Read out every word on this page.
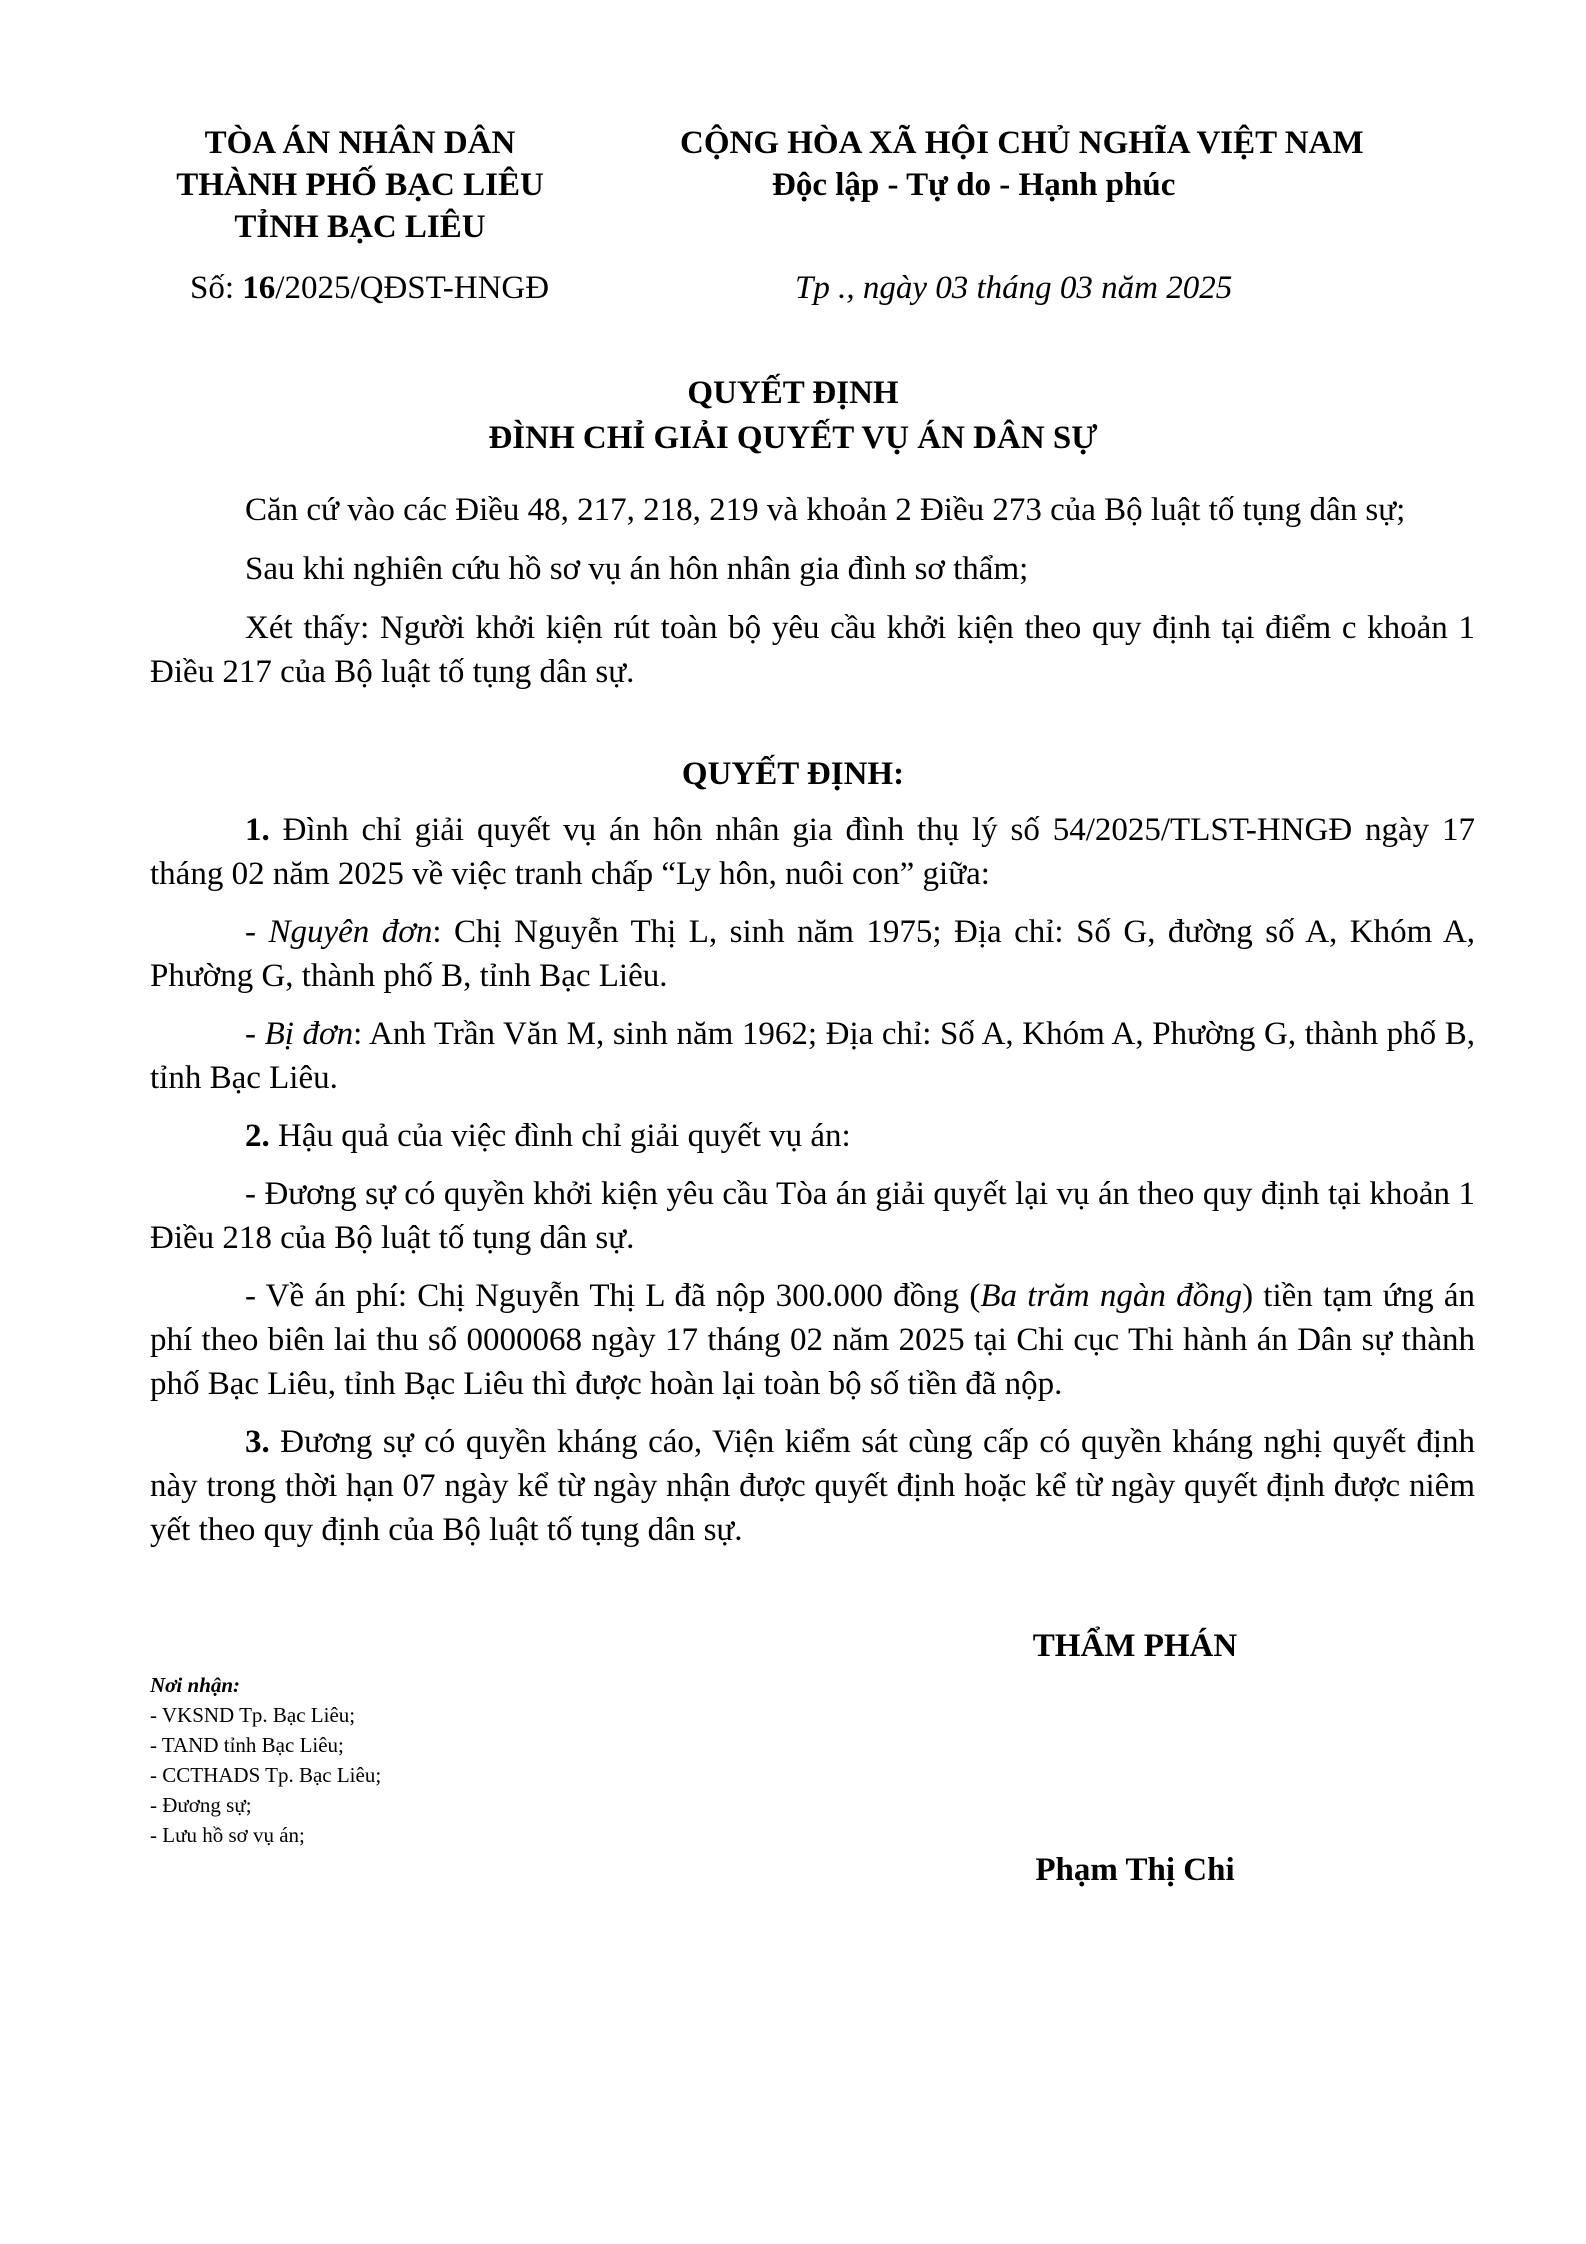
TÒA ÁN NHÂN DÂN
THÀNH PHỐ BẠC LIÊU
TỈNH BẠC LIÊU
CỘNG HÒA XÃ HỘI CHỦ NGHĨA VIỆT NAM
Độc lập - Tự do - Hạnh phúc
Số: 16/2025/QĐST-HNGĐ	Tp ., ngày 03 tháng 03 năm 2025
QUYẾT ĐỊNH
ĐÌNH CHỈ GIẢI QUYẾT VỤ ÁN DÂN SỰ

Căn cứ vào các Điều 48, 217, 218, 219 và khoản 2 Điều 273 của Bộ luật tố tụng dân sự;

Sau khi nghiên cứu hồ sơ vụ án hôn nhân gia đình sơ thẩm;

Xét thấy: Người khởi kiện rút toàn bộ yêu cầu khởi kiện theo quy định tại điểm c khoản 1 Điều 217 của Bộ luật tố tụng dân sự.

QUYẾT ĐỊNH:

1. Đình chỉ giải quyết vụ án hôn nhân gia đình thụ lý số 54/2025/TLST-HNGĐ ngày 17 tháng 02 năm 2025 về việc tranh chấp “Ly hôn, nuôi con” giữa:

- Nguyên đơn: Chị Nguyễn Thị L, sinh năm 1975; Địa chỉ: Số G, đường số A, Khóm A, Phường G, thành phố B, tỉnh Bạc Liêu.

- Bị đơn: Anh Trần Văn M, sinh năm 1962; Địa chỉ: Số A, Khóm A, Phường G, thành phố B, tỉnh Bạc Liêu.

2. Hậu quả của việc đình chỉ giải quyết vụ án:

- Đương sự có quyền khởi kiện yêu cầu Tòa án giải quyết lại vụ án theo quy định tại khoản 1 Điều 218 của Bộ luật tố tụng dân sự.

- Về án phí: Chị Nguyễn Thị L đã nộp 300.000 đồng (Ba trăm ngàn đồng) tiền tạm ứng án phí theo biên lai thu số 0000068 ngày 17 tháng 02 năm 2025 tại Chi cục Thi hành án Dân sự thành phố Bạc Liêu, tỉnh Bạc Liêu thì được hoàn lại toàn bộ số tiền đã nộp.

3. Đương sự có quyền kháng cáo, Viện kiểm sát cùng cấp có quyền kháng nghị quyết định này trong thời hạn 07 ngày kể từ ngày nhận được quyết định hoặc kể từ ngày quyết định được niêm yết theo quy định của Bộ luật tố tụng dân sự.

THẨM PHÁN
Phạm Thị Chi
Nơi nhận:
- VKSND Tp. Bạc Liêu;
- TAND tỉnh Bạc Liêu;
- CCTHADS Tp. Bạc Liêu;
- Đương sự;
- Lưu hồ sơ vụ án;
